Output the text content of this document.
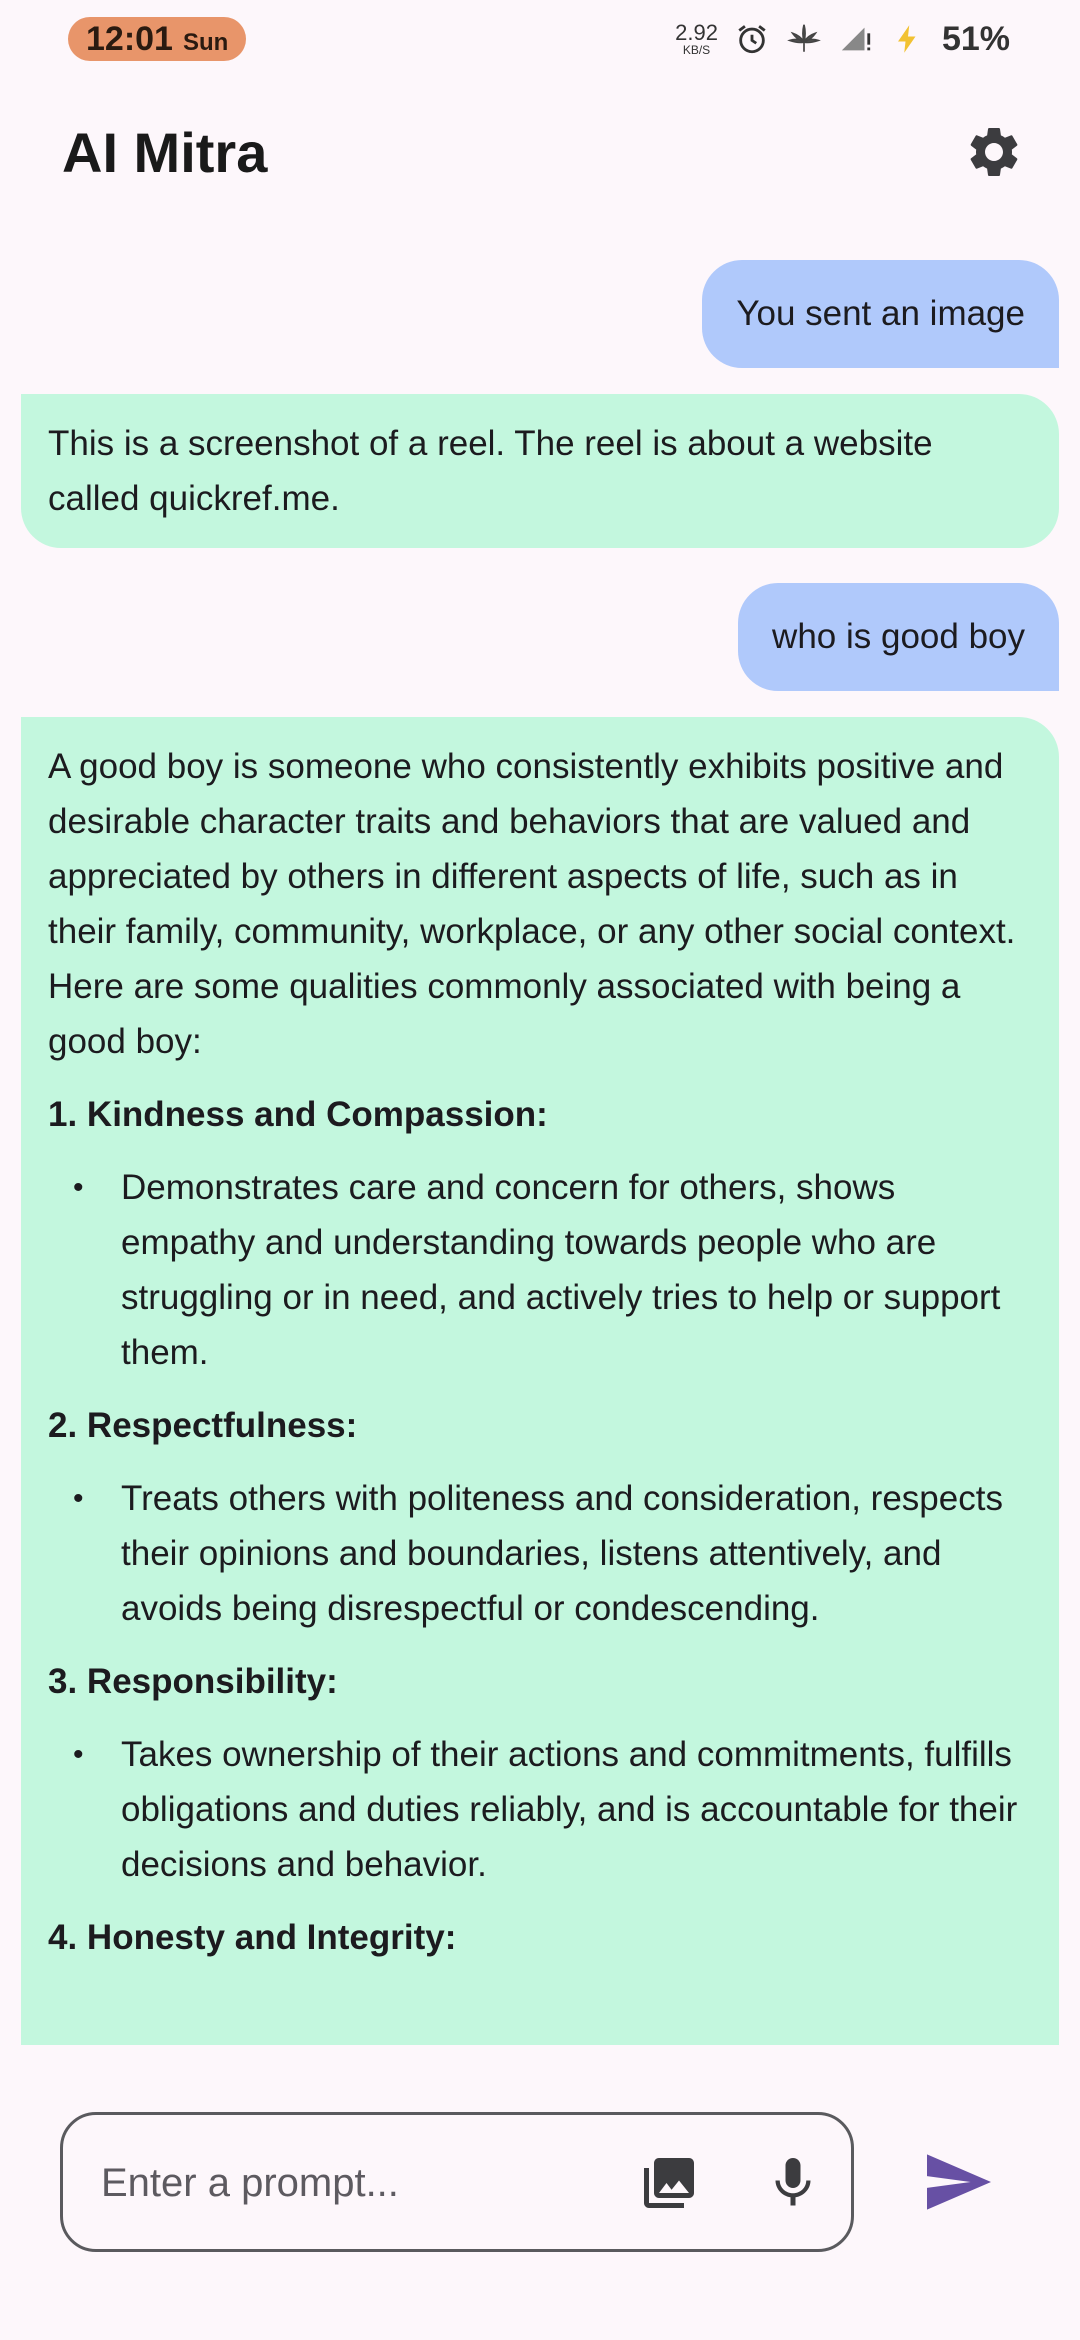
12:01 Sun	2.92
KB/S	51%
AI Mitra
You sent an image

This is a screenshot of a reel. The reel is about a website called quickref.me.

who is good boy

A good boy is someone who consistently exhibits positive and desirable character traits and behaviors that are valued and appreciated by others in different aspects of life, such as in their family, community, workplace, or any other social context. Here are some qualities commonly associated with being a good boy:

1. Kindness and Compassion:

• Demonstrates care and concern for others, shows empathy and understanding towards people who are struggling or in need, and actively tries to help or support them.

2. Respectfulness:

• Treats others with politeness and consideration, respects their opinions and boundaries, listens attentively, and avoids being disrespectful or condescending.

3. Responsibility:

• Takes ownership of their actions and commitments, fulfills obligations and duties reliably, and is accountable for their decisions and behavior.

4. Honesty and Integrity:

Enter a prompt...
